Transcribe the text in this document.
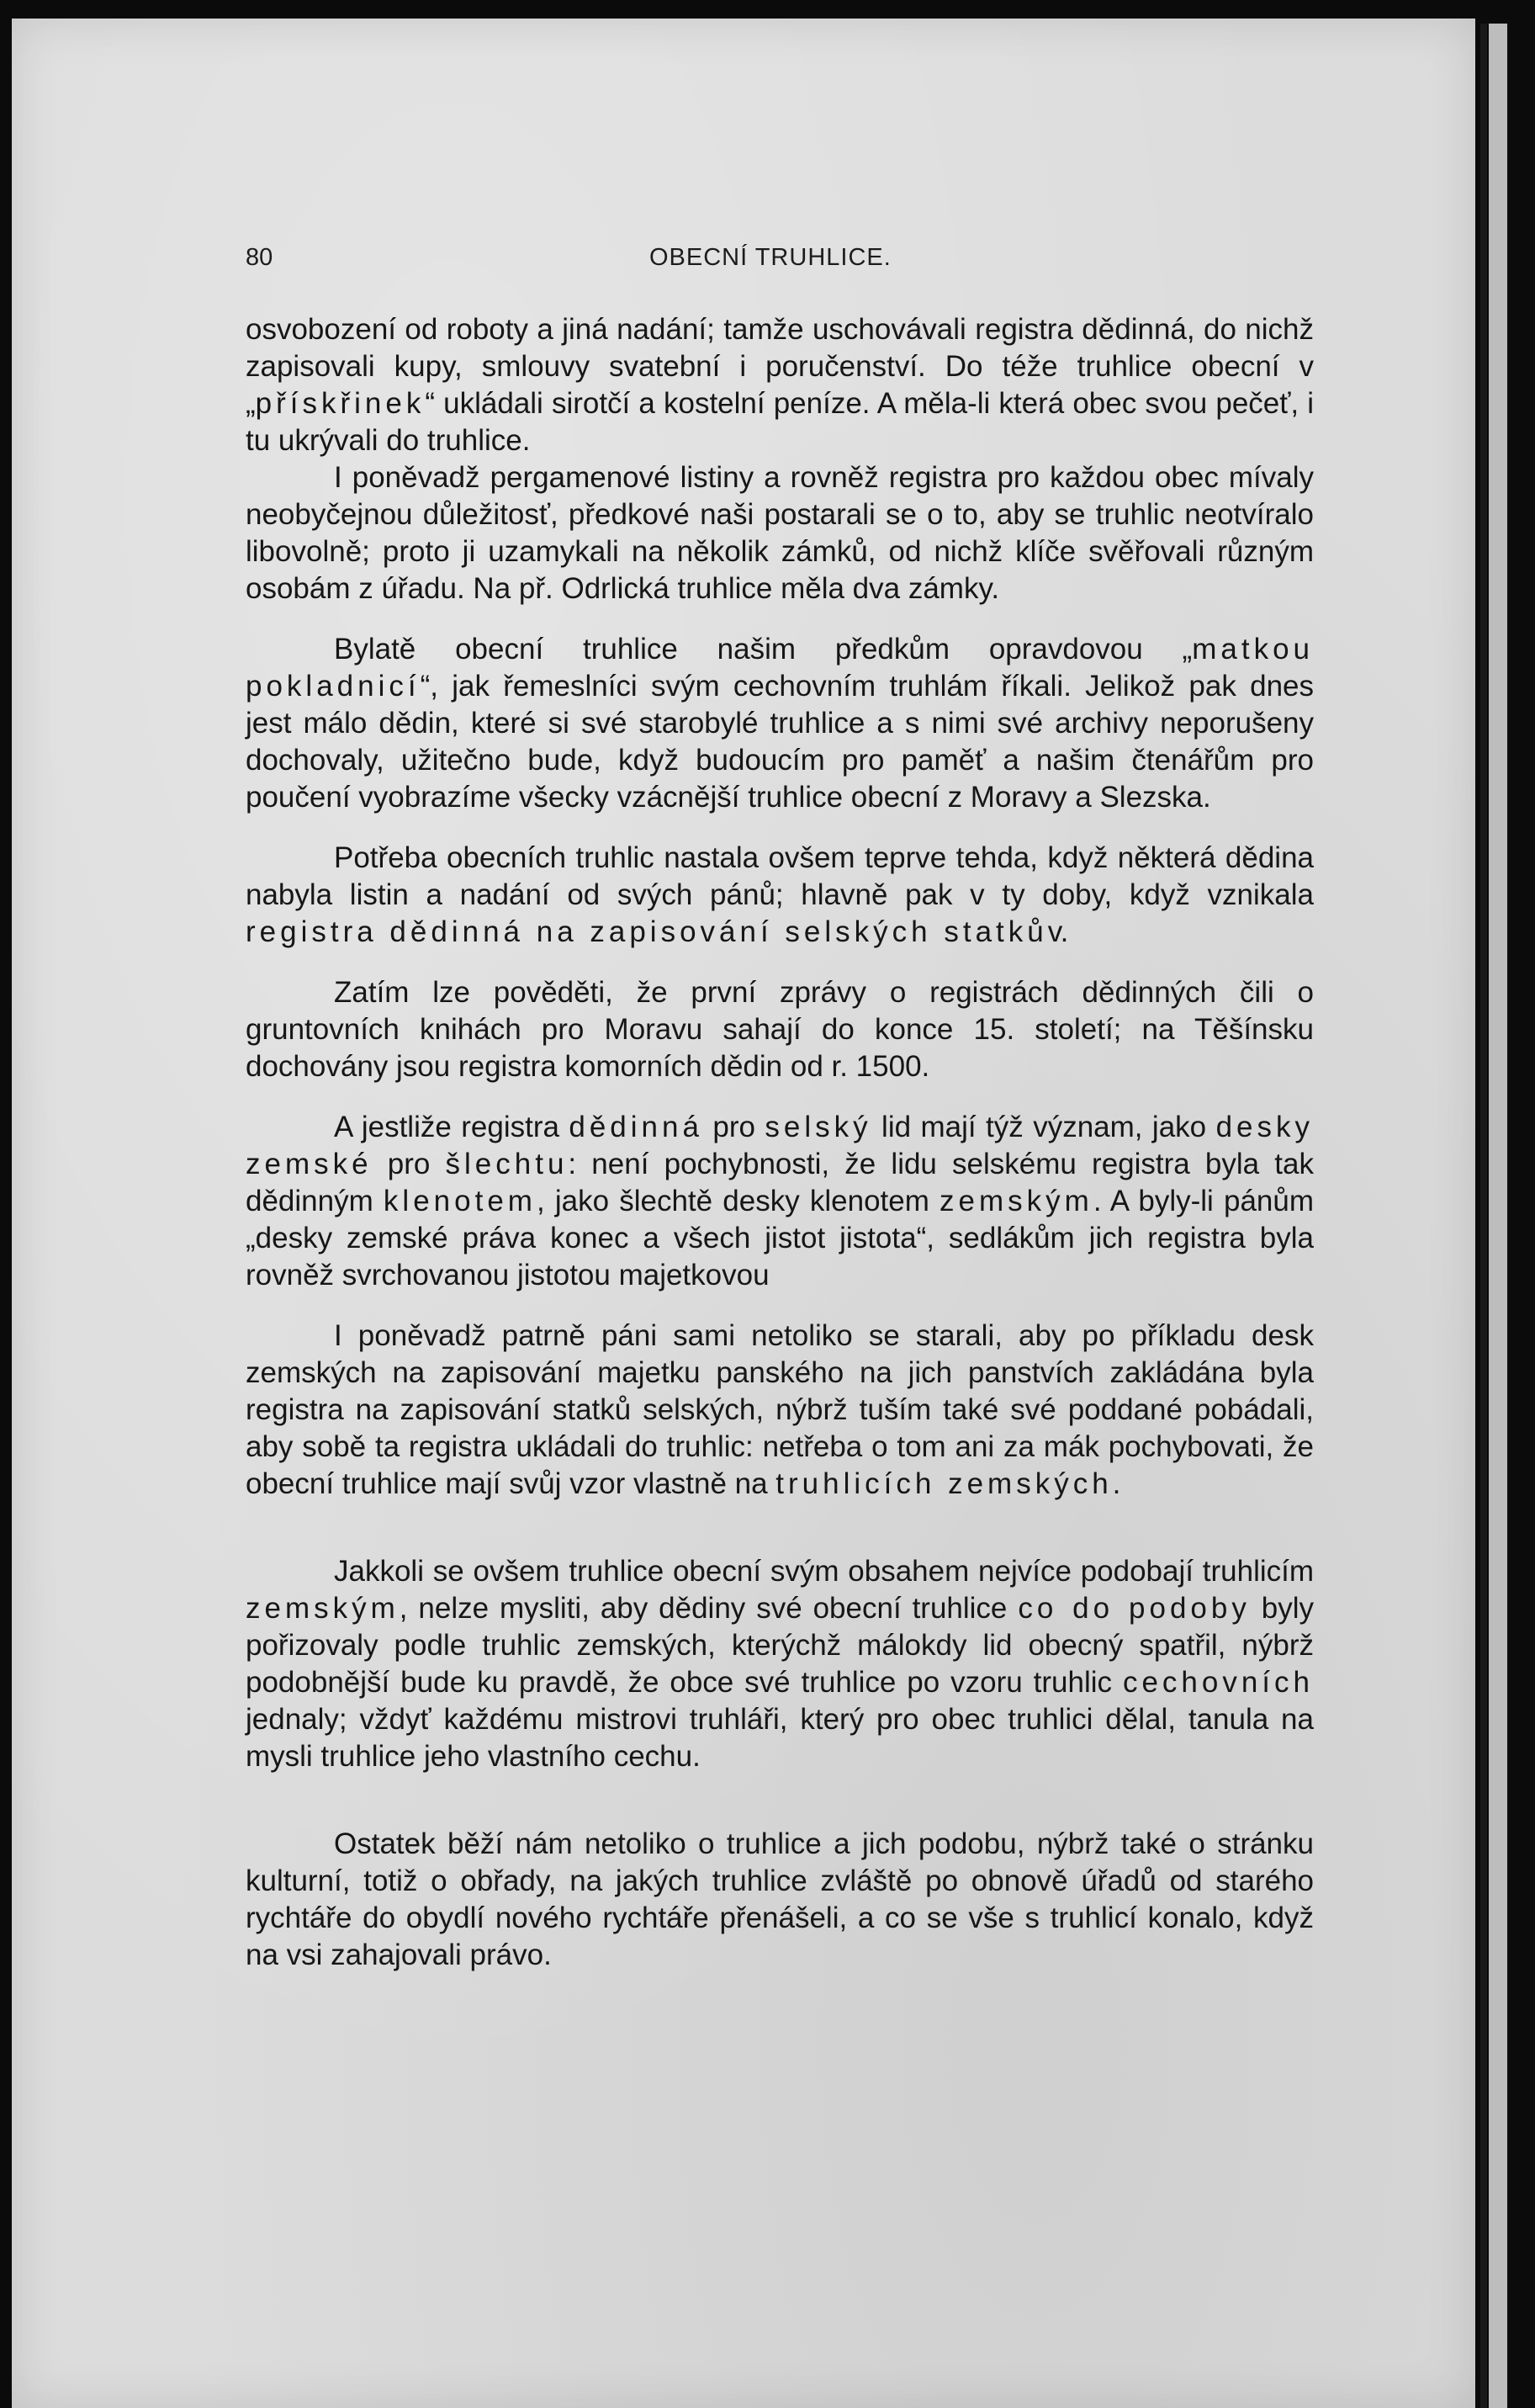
80	OBECNÍ TRUHLICE.

osvobození od roboty a jiná nadání; tamže uschovávali registra dědinná, do nichž zapisovali kupy, smlouvy svatební i poručenství. Do téže truhlice obecní v „přískřinek“ ukládali sirotčí a kostelní peníze. A měla-li která obec svou pečeť, i tu ukrývali do truhlice.

I poněvadž pergamenové listiny a rovněž registra pro každou obec mívaly neobyčejnou důležitosť, předkové naši postarali se o to, aby se truhlic neotvíralo libovolně; proto ji uzamykali na několik zámků, od nichž klíče svěřovali různým osobám z úřadu. Na př. Odrlická truhlice měla dva zámky.

Bylatě obecní truhlice našim předkům opravdovou „matkou pokladnicí“, jak řemeslníci svým cechovním truhlám říkali. Jelikož pak dnes jest málo dědin, které si své starobylé truhlice a s nimi své archivy neporušeny dochovaly, užitečno bude, když budoucím pro paměť a našim čtenářům pro poučení vyobrazíme všecky vzácnější truhlice obecní z Moravy a Slezska.

Potřeba obecních truhlic nastala ovšem teprve tehda, když některá dědina nabyla listin a nadání od svých pánů; hlavně pak v ty doby, když vznikala registra dědinná na zapisování selských statkův.

Zatím lze pověděti, že první zprávy o registrách dědinných čili o gruntovních knihách pro Moravu sahají do konce 15. století; na Těšínsku dochovány jsou registra komorních dědin od r. 1500.

A jestliže registra dědinná pro selský lid mají týž význam, jako desky zemské pro šlechtu: není pochybnosti, že lidu selskému registra byla tak dědinným klenotem, jako šlechtě desky klenotem zemským. A byly-li pánům „desky zemské práva konec a všech jistot jistota“, sedlákům jich registra byla rovněž svrchovanou jistotou majetkovou

I poněvadž patrně páni sami netoliko se starali, aby po příkladu desk zemských na zapisování majetku panského na jich panstvích zakládána byla registra na zapisování statků selských, nýbrž tuším také své poddané pobádali, aby sobě ta registra ukládali do truhlic: netřeba o tom ani za mák pochybovati, že obecní truhlice mají svůj vzor vlastně na truhlicích zemských.

Jakkoli se ovšem truhlice obecní svým obsahem nejvíce podobají truhlicím zemským, nelze mysliti, aby dědiny své obecní truhlice co do podoby byly pořizovaly podle truhlic zemských, kterýchž málokdy lid obecný spatřil, nýbrž podobnější bude ku pravdě, že obce své truhlice po vzoru truhlic cechovních jednaly; vždyť každému mistrovi truhláři, který pro obec truhlici dělal, tanula na mysli truhlice jeho vlastního cechu.

Ostatek běží nám netoliko o truhlice a jich podobu, nýbrž také o stránku kulturní, totiž o obřady, na jakých truhlice zvláště po obnově úřadů od starého rychtáře do obydlí nového rychtáře přenášeli, a co se vše s truhlicí konalo, když na vsi zahajovali právo.
